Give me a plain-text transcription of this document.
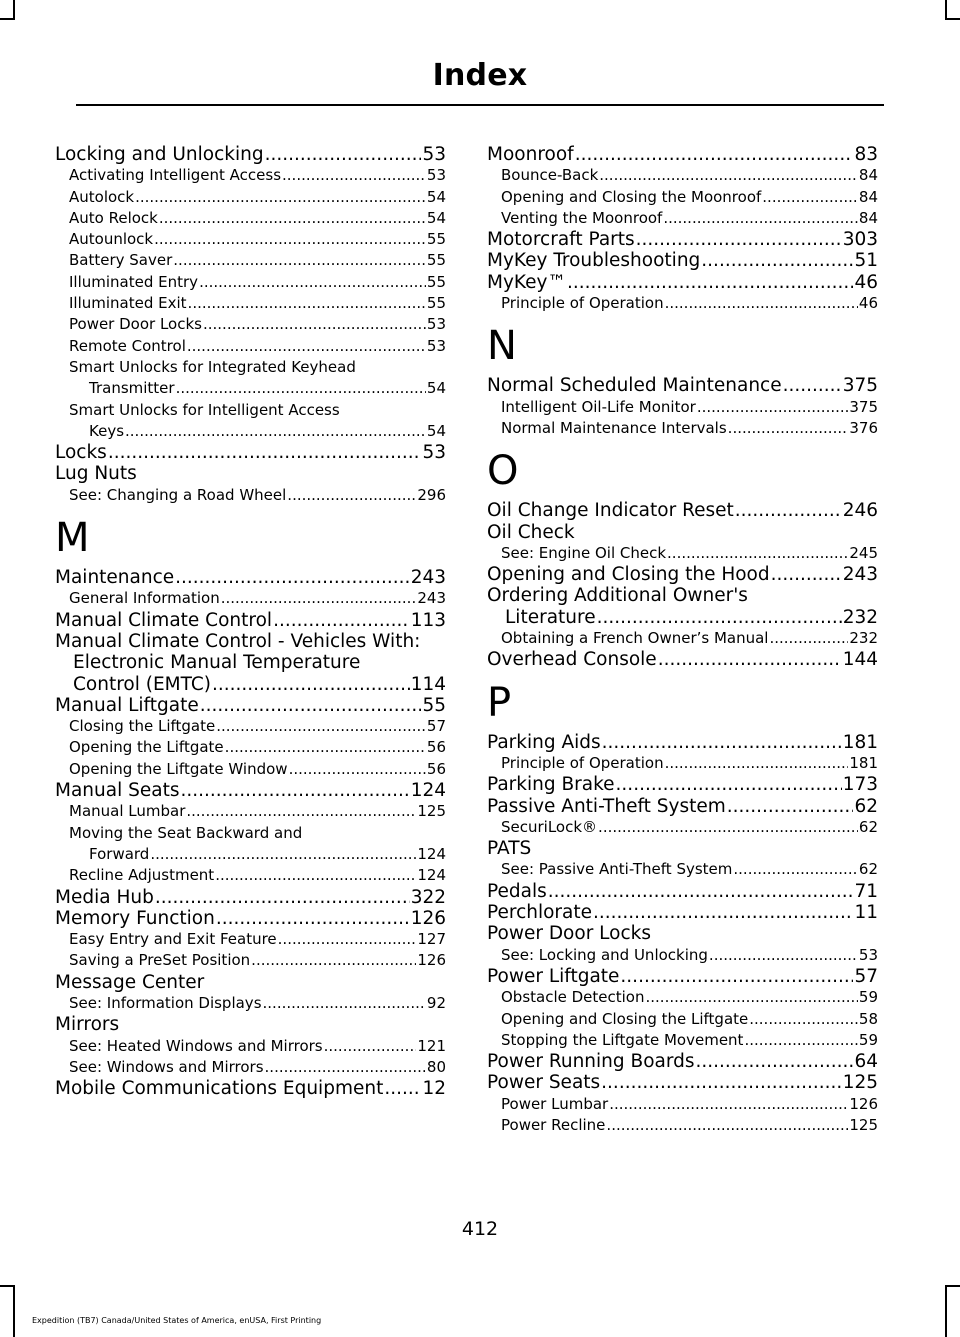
Index
Locking and Unlocking .....	53
Activating Intelligent Access .....	53
Autolock .....	54
Auto Relock .....	54
Autounlock .....	55
Battery Saver .....	55
Illuminated Entry .....	55
Illuminated Exit .....	55
Power Door Locks .....	53
Remote Control .....	53
Smart Unlocks for Integrated Keyhead
Transmitter .....	54
Smart Unlocks for Intelligent Access
Keys .....	54
Locks .....	53
Lug Nuts
See: Changing a Road Wheel .....	296
M
Maintenance .....	243
General Information .....	243
Manual Climate Control .....	113
Manual Climate Control - Vehicles With:
Electronic Manual Temperature
Control (EMTC) .....	114
Manual Liftgate .....	55
Closing the Liftgate .....	57
Opening the Liftgate .....	56
Opening the Liftgate Window .....	56
Manual Seats .....	124
Manual Lumbar .....	125
Moving the Seat Backward and
Forward .....	124
Recline Adjustment .....	124
Media Hub .....	322
Memory Function .....	126
Easy Entry and Exit Feature .....	127
Saving a PreSet Position .....	126
Message Center
See: Information Displays .....	92
Mirrors
See: Heated Windows and Mirrors .....	121
See: Windows and Mirrors .....	80
Mobile Communications Equipment ..... 12
Moonroof .....	83
Bounce-Back .....	84
Opening and Closing the Moonroof .....	84
Venting the Moonroof .....	84
Motorcraft Parts .....	303
MyKey Troubleshooting .....	51
MyKey™ .....	46
Principle of Operation .....	46
N
Normal Scheduled Maintenance .....	375
Intelligent Oil-Life Monitor .....	375
Normal Maintenance Intervals .....	376
O
Oil Change Indicator Reset .....	246
Oil Check
See: Engine Oil Check .....	245
Opening and Closing the Hood .....	243
Ordering Additional Owner's
Literature .....	232
Obtaining a French Owner’s Manual .....	232
Overhead Console .....	144
P
Parking Aids .....	181
Principle of Operation .....	181
Parking Brake .....	173
Passive Anti-Theft System .....	62
SecuriLock® .....	62
PATS
See: Passive Anti-Theft System .....	62
Pedals .....	71
Perchlorate .....	11
Power Door Locks
See: Locking and Unlocking .....	53
Power Liftgate .....	57
Obstacle Detection .....	59
Opening and Closing the Liftgate .....	58
Stopping the Liftgate Movement .....	59
Power Running Boards .....	64
Power Seats .....	125
Power Lumbar .....	126
Power Recline .....	125
412
Expedition (TB7) Canada/United States of America, enUSA, First Printing
